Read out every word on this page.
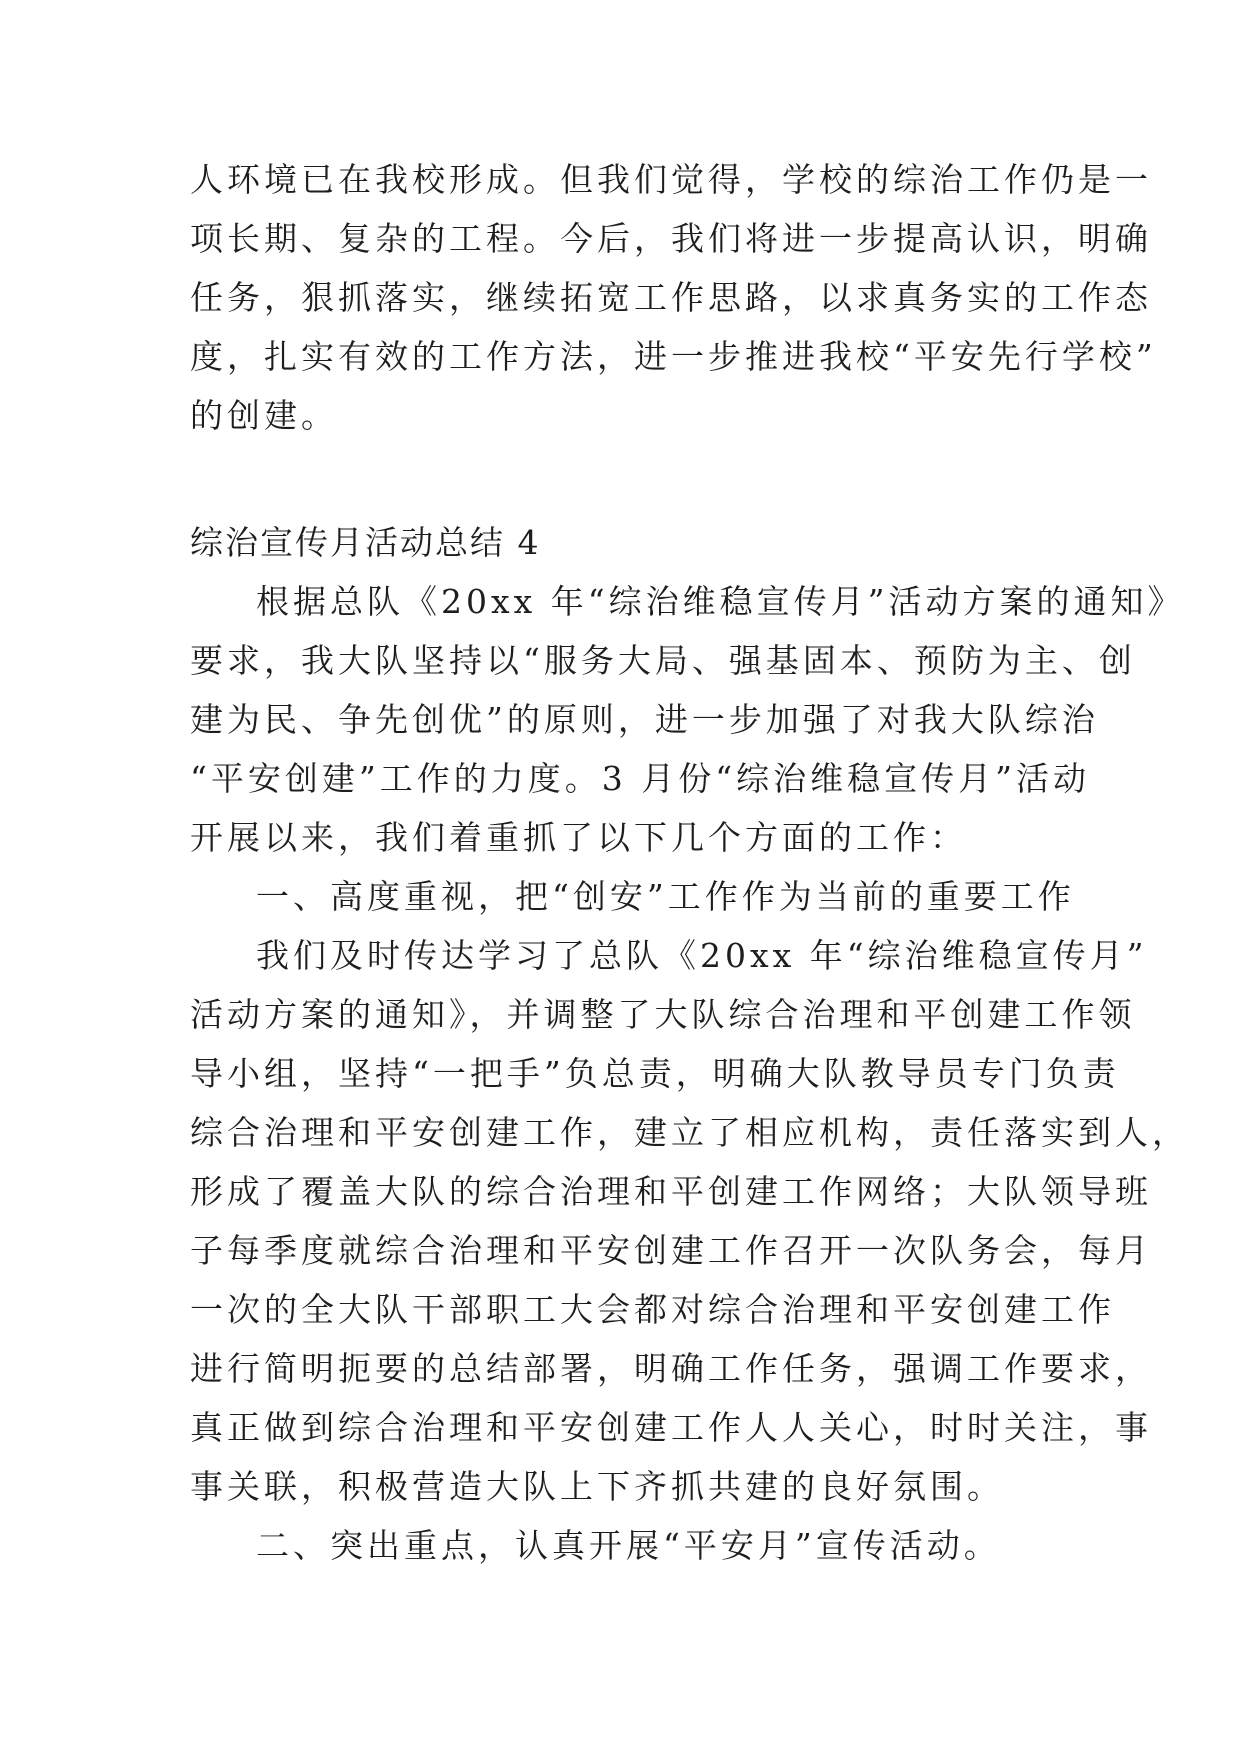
人环境已在我校形成。但我们觉得，学校的综治工作仍是一
项长期、复杂的工程。今后，我们将进一步提高认识，明确
任务，狠抓落实，继续拓宽工作思路，以求真务实的工作态
度，扎实有效的工作方法，进一步推进我校“平安先行学校”
的创建。
综治宣传月活动总结 4
根据总队《20xx 年“综治维稳宣传月”活动方案的通知》
要求，我大队坚持以“服务大局、强基固本、预防为主、创
建为民、争先创优”的原则，进一步加强了对我大队综治
“平安创建”工作的力度。3 月份“综治维稳宣传月”活动
开展以来，我们着重抓了以下几个方面的工作：
一、高度重视，把“创安”工作作为当前的重要工作
我们及时传达学习了总队《20xx 年“综治维稳宣传月”
活动方案的通知》，并调整了大队综合治理和平创建工作领
导小组，坚持“一把手”负总责，明确大队教导员专门负责
综合治理和平安创建工作，建立了相应机构，责任落实到人，
形成了覆盖大队的综合治理和平创建工作网络；大队领导班
子每季度就综合治理和平安创建工作召开一次队务会，每月
一次的全大队干部职工大会都对综合治理和平安创建工作
进行简明扼要的总结部署，明确工作任务，强调工作要求，
真正做到综合治理和平安创建工作人人关心，时时关注，事
事关联，积极营造大队上下齐抓共建的良好氛围。
二、突出重点，认真开展“平安月”宣传活动。
